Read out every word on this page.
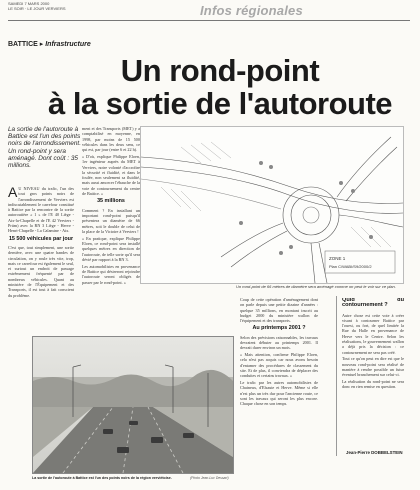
SAMEDI 7 MARS 2000
LE SOIR · LE JOUR VERVIERS	Infos régionales
BATTICE ▸ Infrastructure
Un rond-point
à la sortie de l'autoroute
La sortie de l'autoroute à Battice est l'un des points noirs de l'arrondissement. Un rond-point y sera aménagé. Dont coût : 35 millions.

A U NIVEAU du trafic, l'un des tout gros points noirs de l'arrondissement de Verviers est indiscutablement le carrefour constitué à Battice par la rencontre de la sortie autoroutière « 1 » de l'E 40 Liège - Aix-la-Chapelle et de l'E 42 Verviers - Prüm) avec la RN 3 Liège - Herve - Henri-Chapelle - La Calamine - Aix.

15 500 véhicules par jour

C'est que, tout simplement, une sortie dernière, avec une quatre bandes de circulation, on y roule très vite, trop, mais ce carrefour est également le seul, et surtout un endroit de passage extrêmement fréquenté par de nombreux véhicules. Quant au ministère de l'Équipement et des Transports, il est tout à fait conscient du problème.

ment et des Transports (MET) y a comptabilisé en moyenne, en 1998, par moins de 15 500 véhicules dans les deux sens, ce qui est, par jour (entre 6 et 22 h).

« D'où, explique Philippe Eloen, 1er ingénieur auprès du MET à Verviers, notre volonté d'accroître la sécurité et fluidité, et dans le foulée, non seulement sa fluidité, mais aussi amorcer l'ébauche de la voie de contournement du centre de Battice. »

35 millions

Comment ? En installant un important rond-point puisqu'il présentera un diamètre de 66 mètres, soit le double de celui de la place de la Victoire à Verviers !

« En pratique, explique Philippe Eloen, ce rond-point sera installé quelques mètres en direction de l'autoroute, de telle sorte qu'il sera dévié par rapport à la RN 3.

Les automobilistes en provenance de Battice qui désireront rejoindre l'autoroute seront obligés de passer par le rond-point. »

ZONE 1
Plan C/WABI/S9/2000/2
Un rond-point de 66 mètres de diamètre sera aménagé comme on peut le voir sur ce plan.

Coup de cette opération d'aménagement dont on parle depuis une petite dizaine d'années : quelque 35 millions, en montant inscrit au budget 2000 du ministère wallon de l'équipement et des transports.

Au printemps 2001 ?

Selon des prévisions raisonnables, les travaux devraient débuter au printemps 2001. Il devrait durer environ un mois.

« Mais attention, confirme Philippe Eloen, cela n'est pas acquis car nous avons besoin d'entamer des procédures de classement du site. Et de plus, il conviendra de déplacer des conduites et certains travaux. »

Le trafic par les autres automobilistes de Chaineux, d'Elsaute et Herve. Même si elle n'est plus un très dur pour l'ancienne route, ce sont les travaux qui seront les plus encore. Chaque chose en son temps.

Quid du contournement ?

Autre chose est cette voie à créer visant à contourner Battice par l'ouest, ou fort, de quel limitée la Rue du Halle en provenance de Herve vers le Centre. Selon les réalisations, le gouvernement wallon a déjà pris la décision : ce contournement ne sera pas créé.

Tout ce qu'on peut en dire est que le nouveau rond-point sera réalisé de manière à rendre possible un futur éventuel branchement sur celui-ci.

La réalisation du rond-point ne sera donc en rien remise en question.

La sortie de l'autoroute à Battice est l'un des points noirs de la région verviétoise.	(Photo Jean-Luc Dessart)
Jean-Pierre DOBBELSTEIN
